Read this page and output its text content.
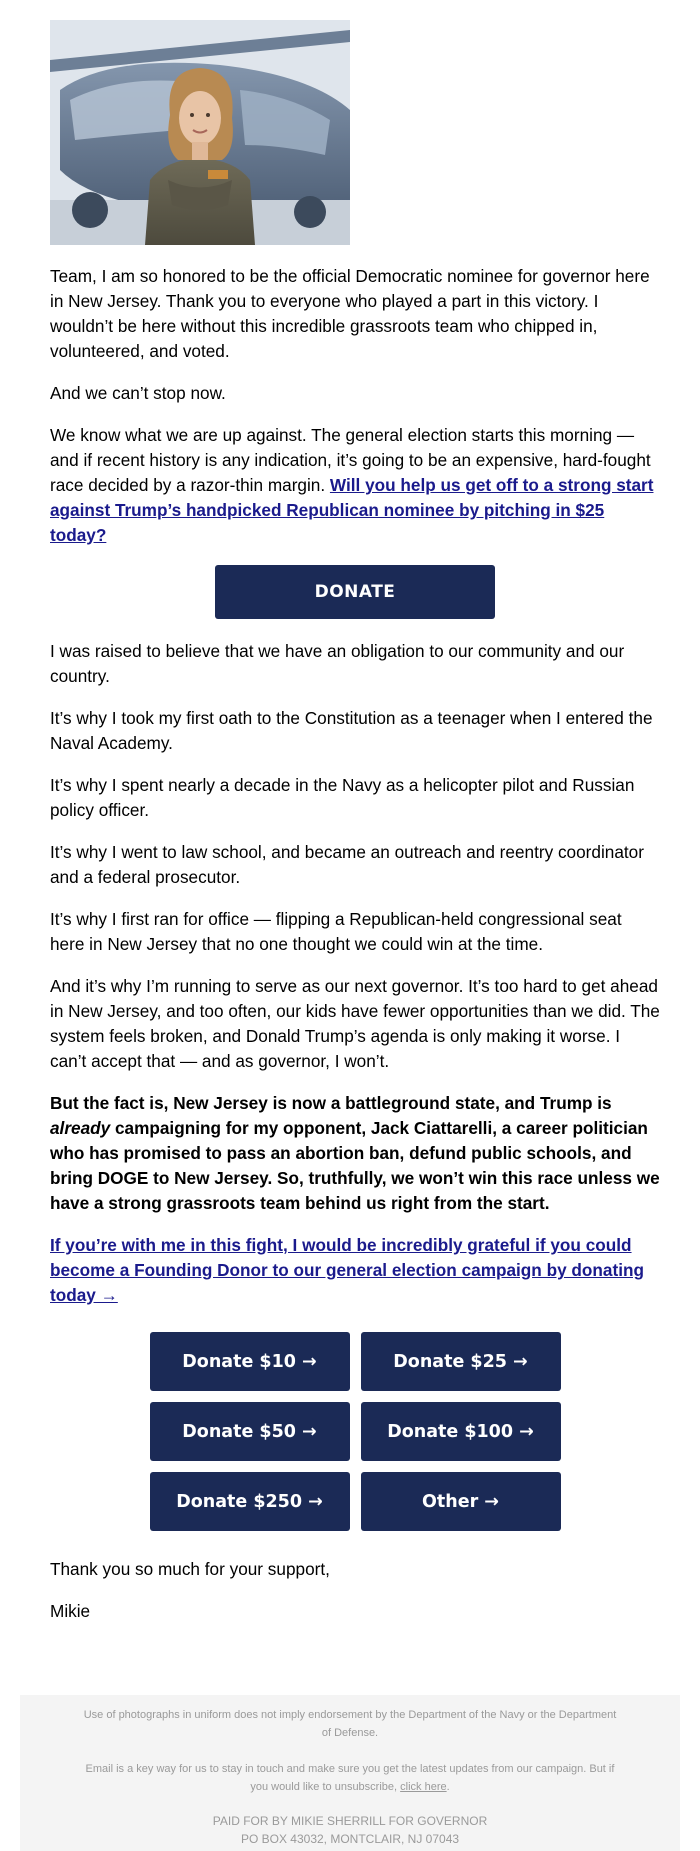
Team, I am so honored to be the official Democratic nominee for governor here in New Jersey. Thank you to everyone who played a part in this victory. I wouldn’t be here without this incredible grassroots team who chipped in, volunteered, and voted.

And we can’t stop now.

We know what we are up against. The general election starts this morning — and if recent history is any indication, it’s going to be an expensive, hard-fought race decided by a razor-thin margin. Will you help us get off to a strong start against Trump’s handpicked Republican nominee by pitching in $25 today?

DONATE

I was raised to believe that we have an obligation to our community and our country.

It’s why I took my first oath to the Constitution as a teenager when I entered the Naval Academy.

It’s why I spent nearly a decade in the Navy as a helicopter pilot and Russian policy officer.

It’s why I went to law school, and became an outreach and reentry coordinator and a federal prosecutor.

It’s why I first ran for office — flipping a Republican-held congressional seat here in New Jersey that no one thought we could win at the time.

And it’s why I’m running to serve as our next governor. It’s too hard to get ahead in New Jersey, and too often, our kids have fewer opportunities than we did. The system feels broken, and Donald Trump’s agenda is only making it worse. I can’t accept that — and as governor, I won’t.

But the fact is, New Jersey is now a battleground state, and Trump is already campaigning for my opponent, Jack Ciattarelli, a career politician who has promised to pass an abortion ban, defund public schools, and bring DOGE to New Jersey. So, truthfully, we won’t win this race unless we have a strong grassroots team behind us right from the start.

If you’re with me in this fight, I would be incredibly grateful if you could become a Founding Donor to our general election campaign by donating today →

Donate $10 →	Donate $25 →
Donate $50 →	Donate $100 →
Donate $250 →	Other →

Thank you so much for your support,

Mikie

Use of photographs in uniform does not imply endorsement by the Department of the Navy or the Department of Defense.
Email is a key way for us to stay in touch and make sure you get the latest updates from our campaign. But if you would like to unsubscribe, click here.
PAID FOR BY MIKIE SHERRILL FOR GOVERNOR
PO BOX 43032, MONTCLAIR, NJ 07043
